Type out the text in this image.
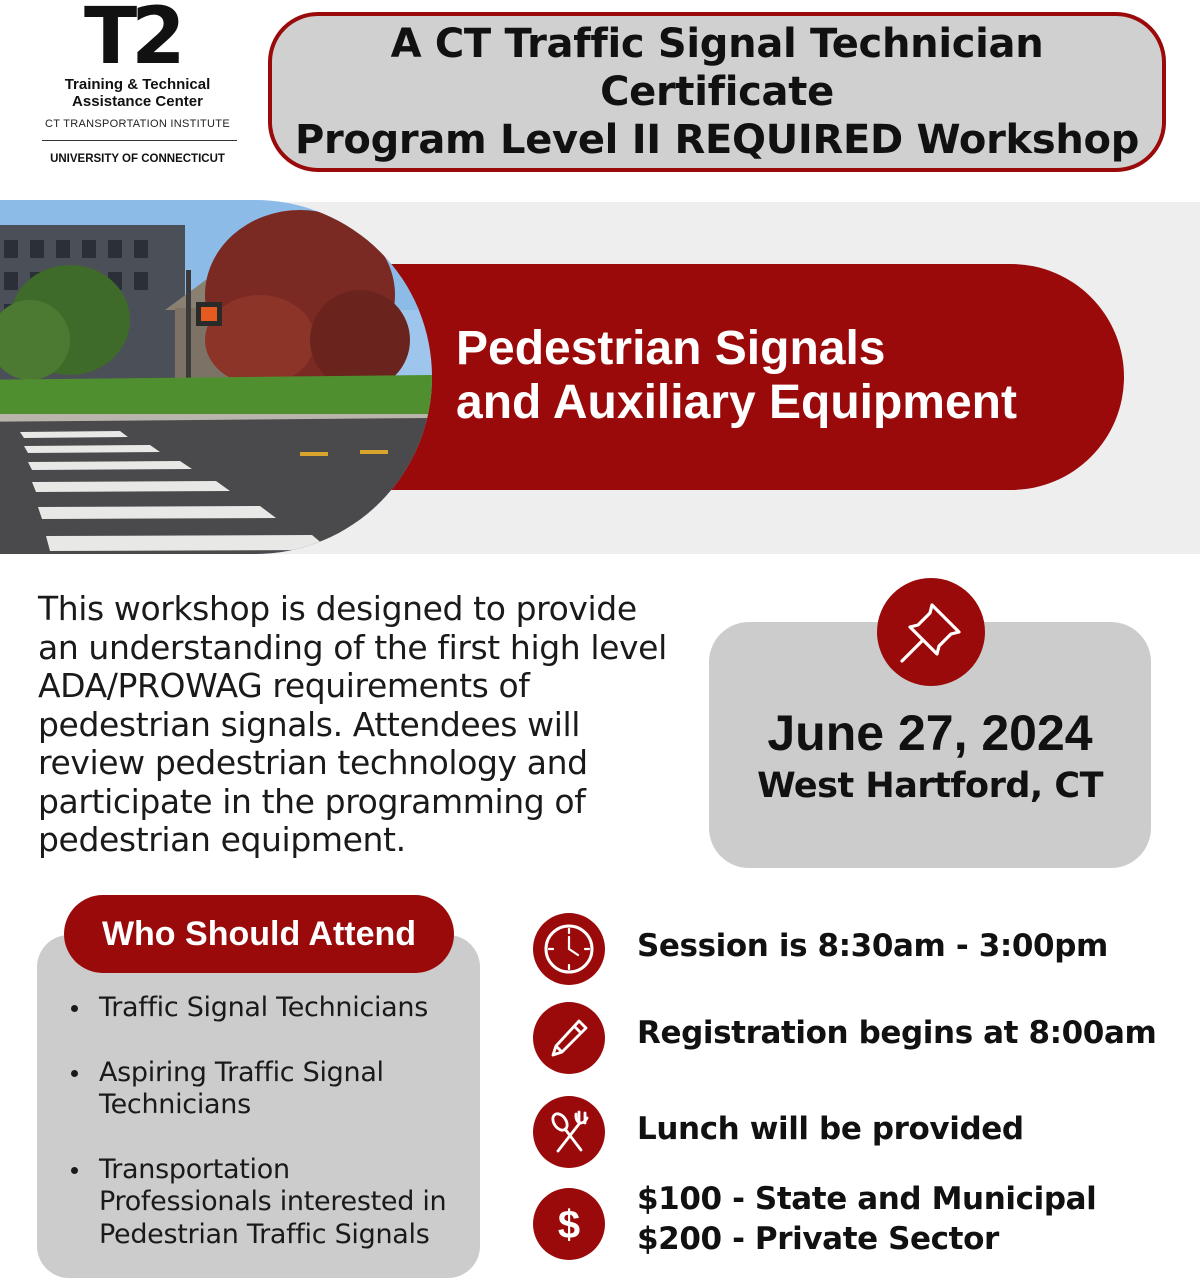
T2
Training & Technical
Assistance Center
CT TRANSPORTATION INSTITUTE
UNIVERSITY OF CONNECTICUT
A CT Traffic Signal Technician Certificate
Program Level II REQUIRED Workshop
Pedestrian Signals
and Auxiliary Equipment
This workshop is designed to provide
an understanding of the first high level
ADA/PROWAG requirements of
pedestrian signals. Attendees will
review pedestrian technology and
participate in the programming of
pedestrian equipment.
June 27, 2024
West Hartford, CT
Who Should Attend
Traffic Signal Technicians
Aspiring Traffic Signal
Technicians
Transportation
Professionals interested in
Pedestrian Traffic Signals
Session is 8:30am - 3:00pm
Registration begins at 8:00am
Lunch will be provided
$
$100 - State and Municipal
$200 - Private Sector
